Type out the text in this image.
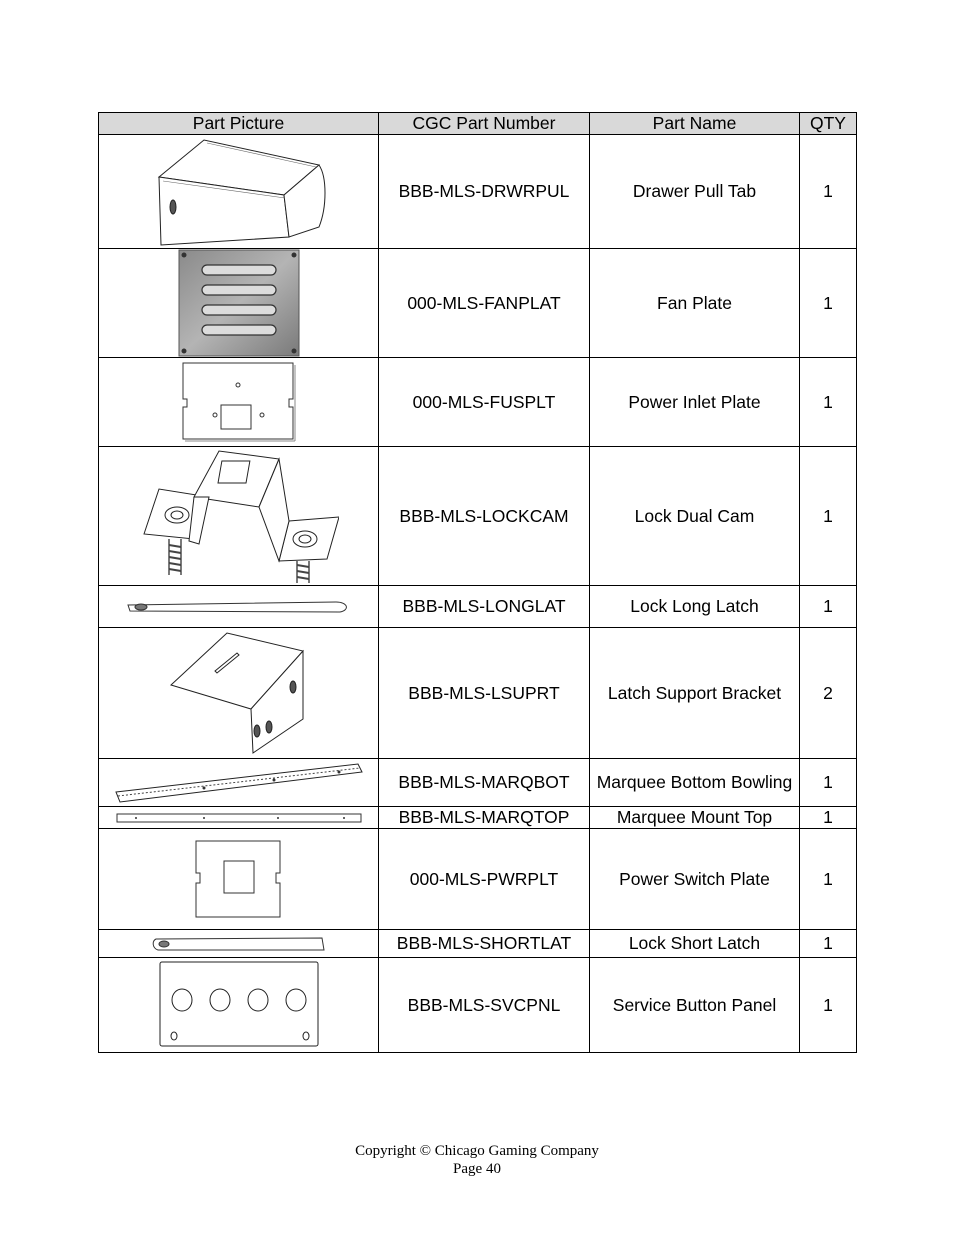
Part Picture	CGC Part Number	Part Name	QTY

	BBB-MLS-DRWRPUL	Drawer Pull Tab	1

	000-MLS-FANPLAT	Fan Plate	1

	000-MLS-FUSPLT	Power Inlet Plate	1

	BBB-MLS-LOCKCAM	Lock Dual Cam	1

	BBB-MLS-LONGLAT	Lock Long Latch	1

	BBB-MLS-LSUPRT	Latch Support Bracket	2

	BBB-MLS-MARQBOT	Marquee Bottom Bowling	1

	BBB-MLS-MARQTOP	Marquee Mount Top	1

	000-MLS-PWRPLT	Power Switch Plate	1

	BBB-MLS-SHORTLAT	Lock Short Latch	1

	BBB-MLS-SVCPNL	Service Button Panel	1
Copyright © Chicago Gaming Company
Page 40
